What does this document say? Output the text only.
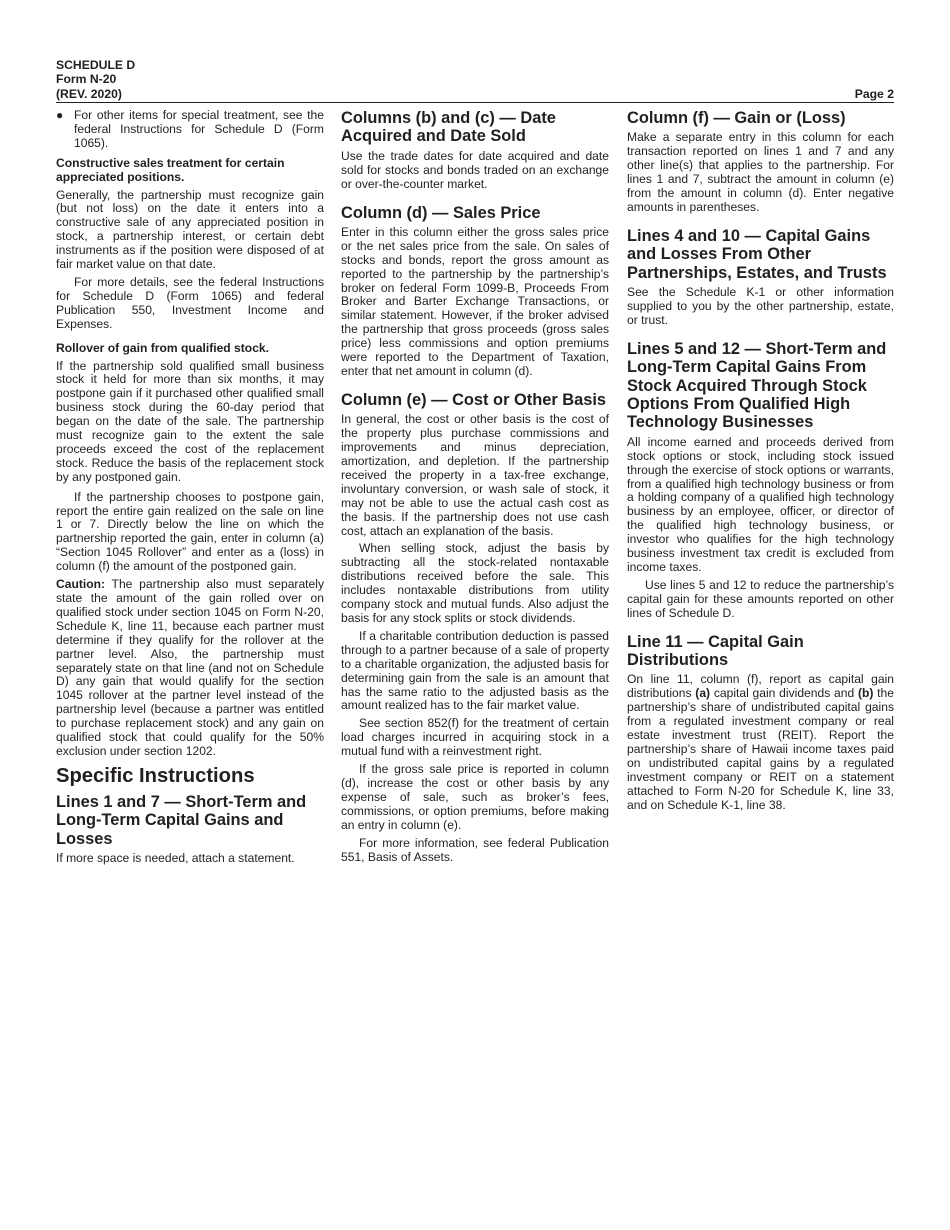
SCHEDULE D
Form N-20
(REV. 2020)	Page 2
● For other items for special treatment, see the federal Instructions for Schedule D (Form 1065).

Constructive sales treatment for certain appreciated positions.

Generally, the partnership must recognize gain (but not loss) on the date it enters into a constructive sale of any appreciated position in stock, a partnership interest, or certain debt instruments as if the position were disposed of at fair market value on that date.

For more details, see the federal Instructions for Schedule D (Form 1065) and federal Publication 550, Investment Income and Expenses.

Rollover of gain from qualified stock.

If the partnership sold qualified small business stock it held for more than six months, it may postpone gain if it purchased other qualified small business stock during the 60-day period that began on the date of the sale. The partnership must recognize gain to the extent the sale proceeds exceed the cost of the replacement stock. Reduce the basis of the replacement stock by any postponed gain.

If the partnership chooses to postpone gain, report the entire gain realized on the sale on line 1 or 7. Directly below the line on which the partnership reported the gain, enter in column (a) “Section 1045 Rollover” and enter as a (loss) in column (f) the amount of the postponed gain.

Caution: The partnership also must separately state the amount of the gain rolled over on qualified stock under section 1045 on Form N-20, Schedule K, line 11, because each partner must determine if they qualify for the rollover at the partner level. Also, the partnership must separately state on that line (and not on Schedule D) any gain that would qualify for the section 1045 rollover at the partner level instead of the partnership level (because a partner was entitled to purchase replacement stock) and any gain on qualified stock that could qualify for the 50% exclusion under section 1202.

Specific Instructions
Lines 1 and 7 — Short-Term and Long-Term Capital Gains and Losses

If more space is needed, attach a statement.

Columns (b) and (c) — Date Acquired and Date Sold

Use the trade dates for date acquired and date sold for stocks and bonds traded on an exchange or over-the-counter market.

Column (d) — Sales Price

Enter in this column either the gross sales price or the net sales price from the sale. On sales of stocks and bonds, report the gross amount as reported to the partnership by the partnership’s broker on federal Form 1099-B, Proceeds From Broker and Barter Exchange Transactions, or similar statement. However, if the broker advised the partnership that gross proceeds (gross sales price) less commissions and option premiums were reported to the Department of Taxation, enter that net amount in column (d).

Column (e) — Cost or Other Basis

In general, the cost or other basis is the cost of the property plus purchase commissions and improvements and minus depreciation, amortization, and depletion. If the partnership received the property in a tax-free exchange, involuntary conversion, or wash sale of stock, it may not be able to use the actual cash cost as the basis. If the partnership does not use cash cost, attach an explanation of the basis.

When selling stock, adjust the basis by subtracting all the stock-related nontaxable distributions received before the sale. This includes nontaxable distributions from utility company stock and mutual funds. Also adjust the basis for any stock splits or stock dividends.

If a charitable contribution deduction is passed through to a partner because of a sale of property to a charitable organization, the adjusted basis for determining gain from the sale is an amount that has the same ratio to the adjusted basis as the amount realized has to the fair market value.

See section 852(f) for the treatment of certain load charges incurred in acquiring stock in a mutual fund with a reinvestment right.

If the gross sale price is reported in column (d), increase the cost or other basis by any expense of sale, such as broker’s fees, commissions, or option premiums, before making an entry in column (e).

For more information, see federal Publication 551, Basis of Assets.

Column (f) — Gain or (Loss)

Make a separate entry in this column for each transaction reported on lines 1 and 7 and any other line(s) that applies to the partnership. For lines 1 and 7, subtract the amount in column (e) from the amount in column (d). Enter negative amounts in parentheses.

Lines 4 and 10 — Capital Gains and Losses From Other Partnerships, Estates, and Trusts

See the Schedule K-1 or other information supplied to you by the other partnership, estate, or trust.

Lines 5 and 12 — Short-Term and Long-Term Capital Gains From Stock Acquired Through Stock Options From Qualified High Technology Businesses

All income earned and proceeds derived from stock options or stock, including stock issued through the exercise of stock options or warrants, from a qualified high technology business or from a holding company of a qualified high technology business by an employee, officer, or director of the qualified high technology business, or investor who qualifies for the high technology business investment tax credit is excluded from income taxes.

Use lines 5 and 12 to reduce the partnership’s capital gain for these amounts reported on other lines of Schedule D.

Line 11 — Capital Gain Distributions

On line 11, column (f), report as capital gain distributions (a) capital gain dividends and (b) the partnership’s share of undistributed capital gains from a regulated investment company or real estate investment trust (REIT). Report the partnership’s share of Hawaii income taxes paid on undistributed capital gains by a regulated investment company or REIT on a statement attached to Form N-20 for Schedule K, line 33, and on Schedule K-1, line 38.
